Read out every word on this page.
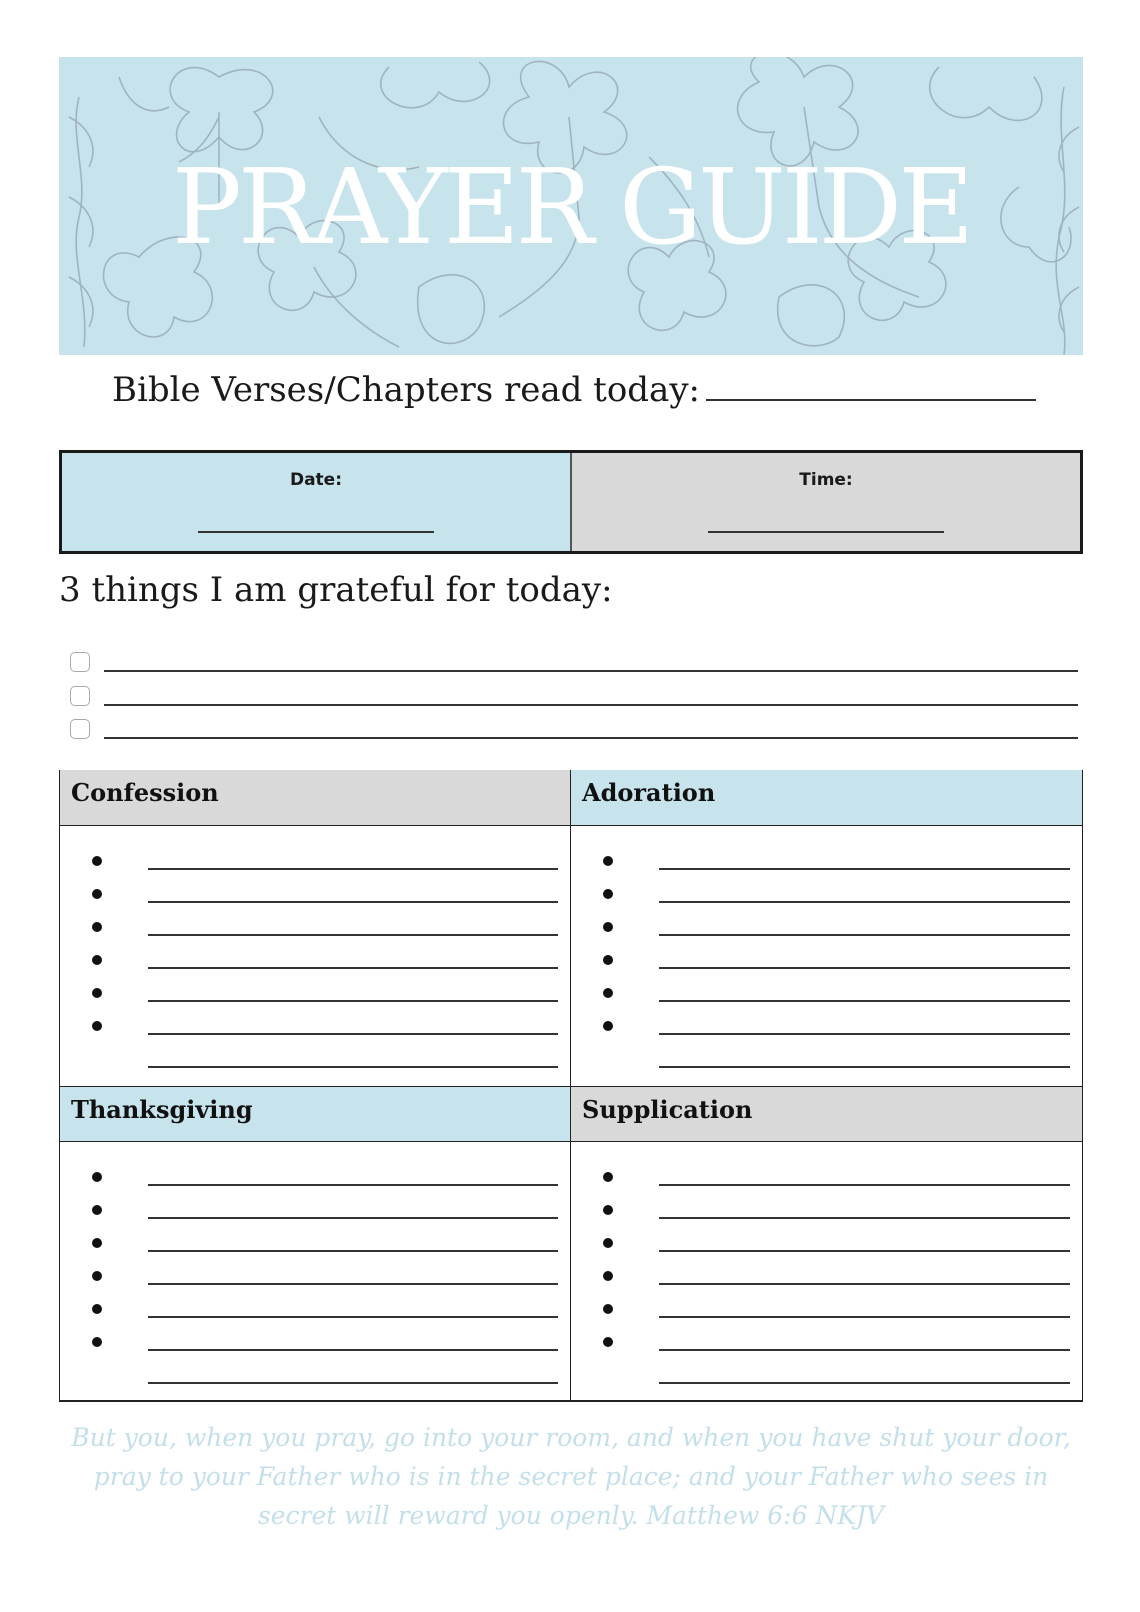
PRAYER GUIDE
Bible Verses/Chapters read today:
Date:	Time:
3 things I am grateful for today:
Confession	Adoration
Thanksgiving	Supplication
But you, when you pray, go into your room, and when you have shut your door,
pray to your Father who is in the secret place; and your Father who sees in
secret will reward you openly. Matthew 6:6 NKJV
